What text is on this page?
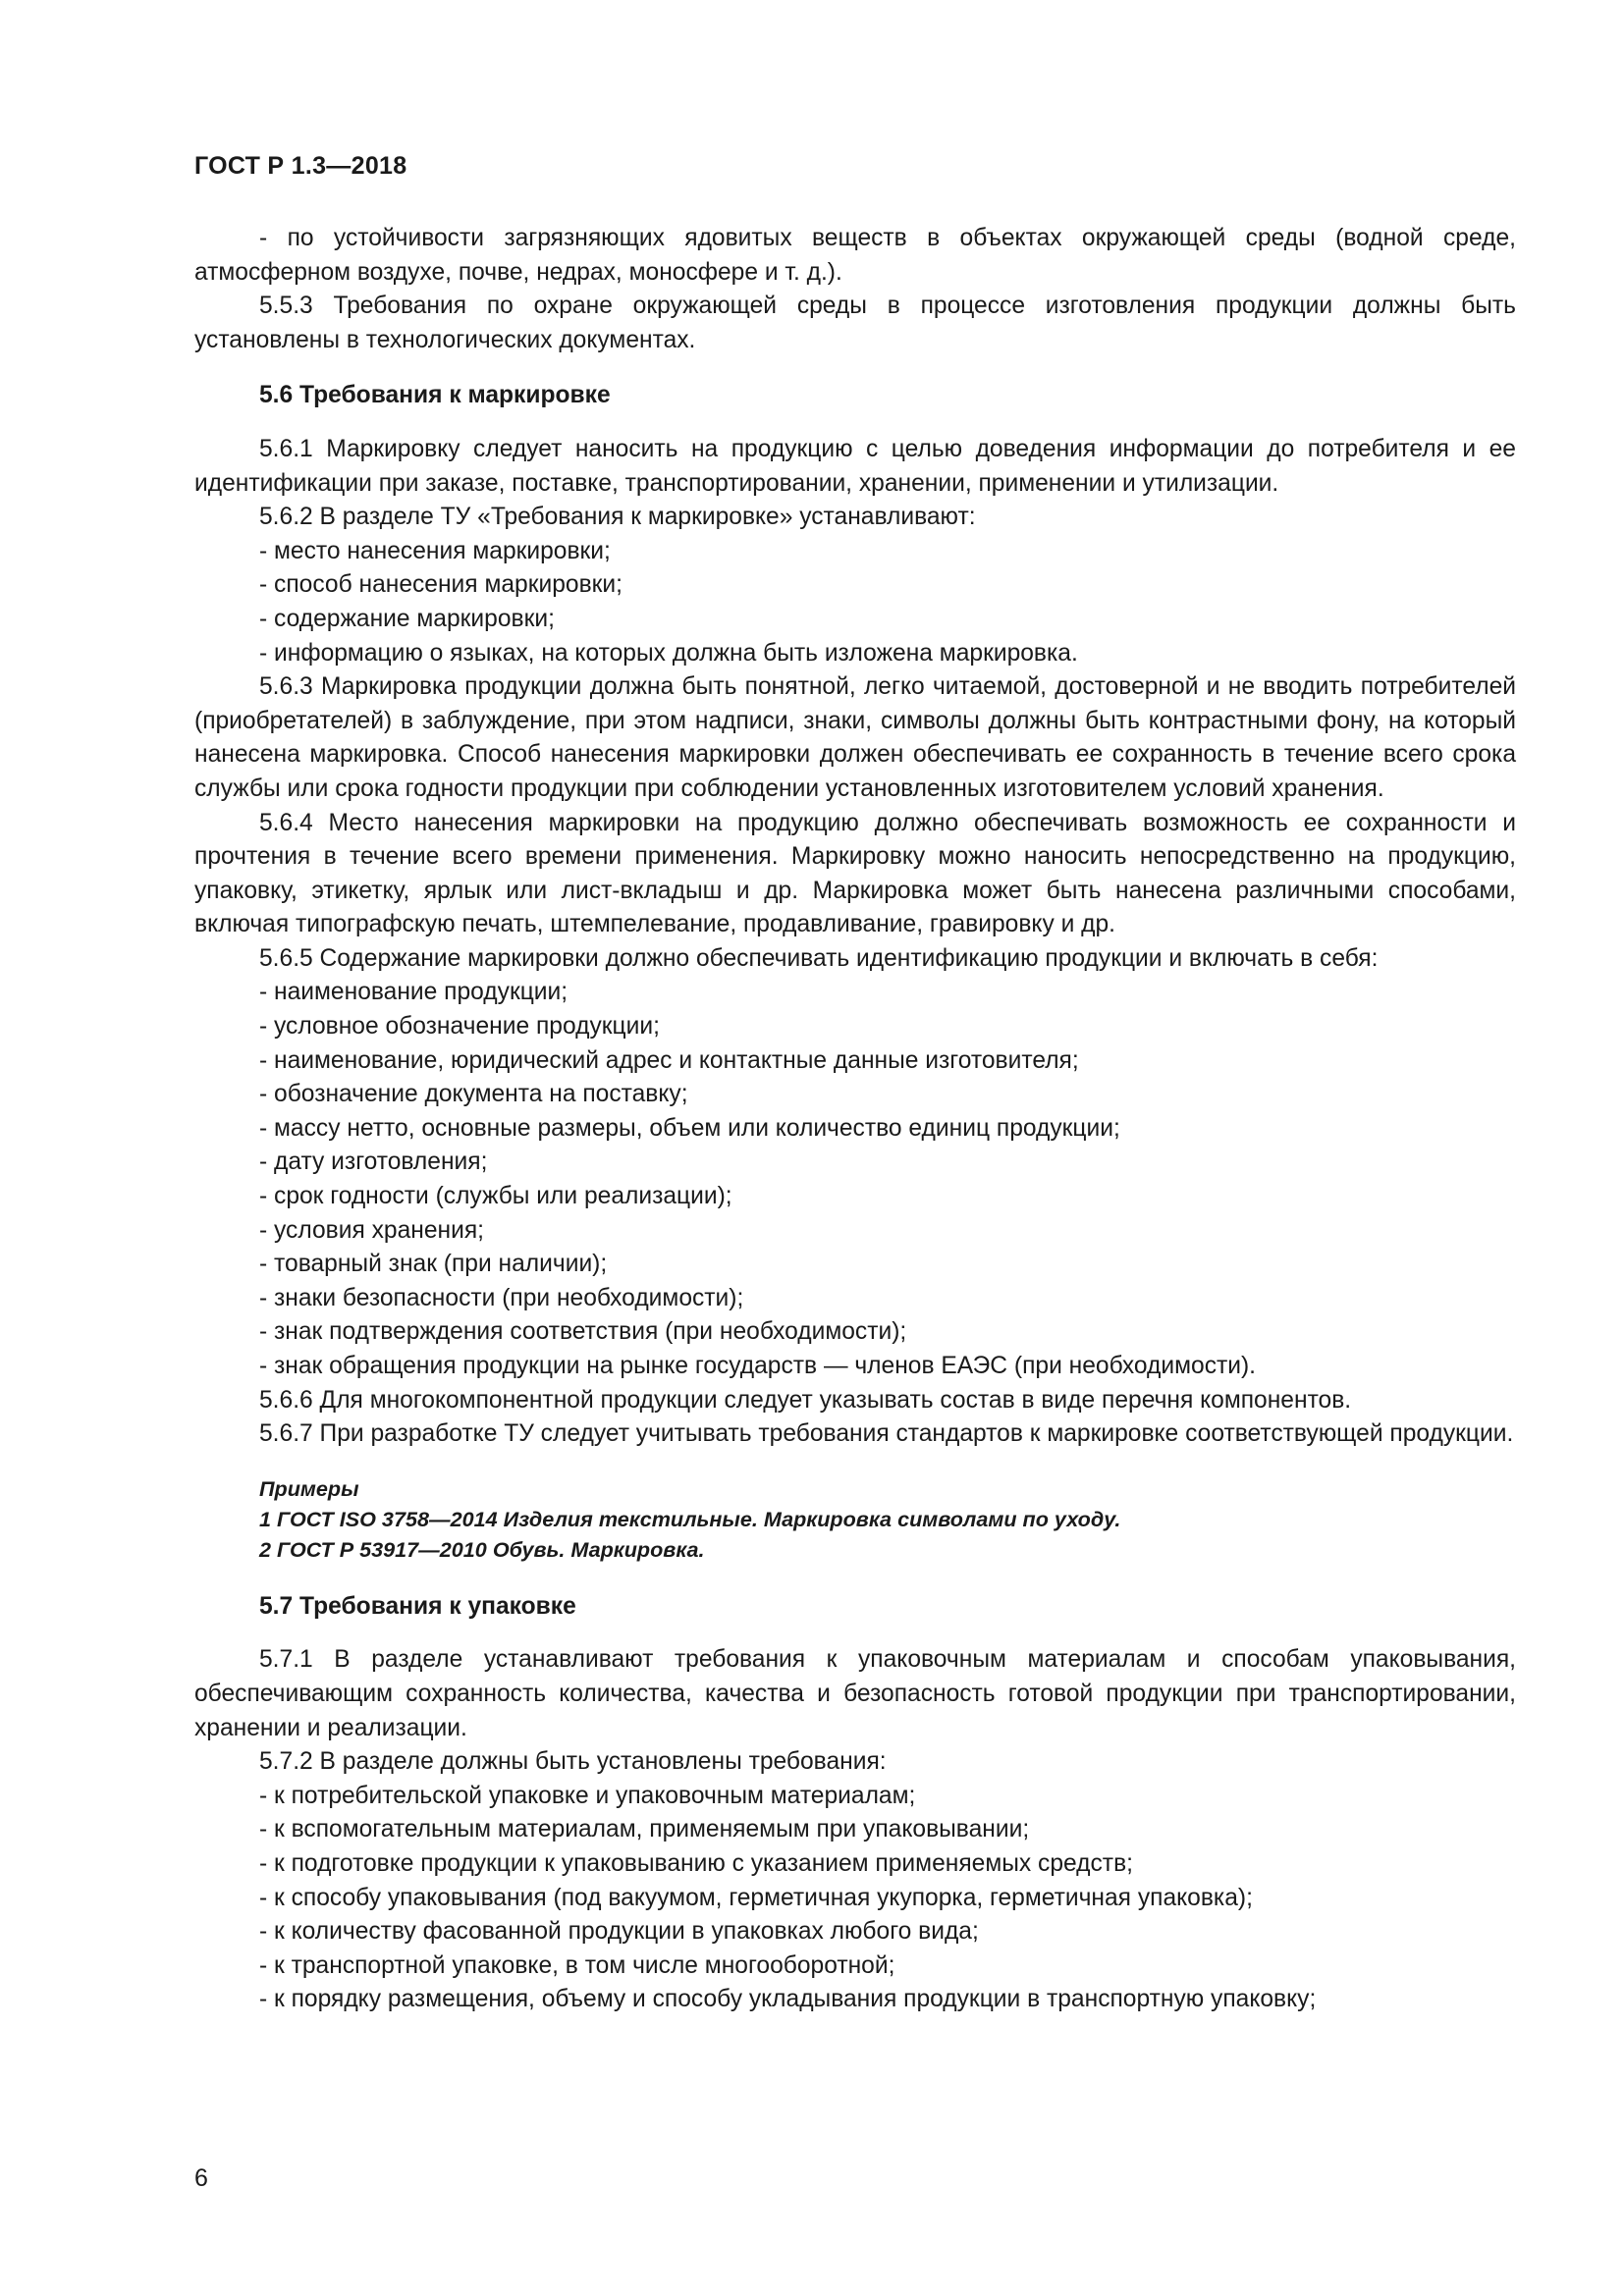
ГОСТ Р 1.3—2018

- по устойчивости загрязняющих ядовитых веществ в объектах окружающей среды (водной среде, атмосферном воздухе, почве, недрах, моносфере и т. д.).

5.5.3 Требования по охране окружающей среды в процессе изготовления продукции должны быть установлены в технологических документах.

5.6 Требования к маркировке

5.6.1 Маркировку следует наносить на продукцию с целью доведения информации до потребителя и ее идентификации при заказе, поставке, транспортировании, хранении, применении и утилизации.

5.6.2 В разделе ТУ «Требования к маркировке» устанавливают:

- место нанесения маркировки;

- способ нанесения маркировки;

- содержание маркировки;

- информацию о языках, на которых должна быть изложена маркировка.

5.6.3 Маркировка продукции должна быть понятной, легко читаемой, достоверной и не вводить потребителей (приобретателей) в заблуждение, при этом надписи, знаки, символы должны быть контрастными фону, на который нанесена маркировка. Способ нанесения маркировки должен обеспечивать ее сохранность в течение всего срока службы или срока годности продукции при соблюдении установленных изготовителем условий хранения.

5.6.4 Место нанесения маркировки на продукцию должно обеспечивать возможность ее сохранности и прочтения в течение всего времени применения. Маркировку можно наносить непосредственно на продукцию, упаковку, этикетку, ярлык или лист-вкладыш и др. Маркировка может быть нанесена различными способами, включая типографскую печать, штемпелевание, продавливание, гравировку и др.

5.6.5 Содержание маркировки должно обеспечивать идентификацию продукции и включать в себя:

- наименование продукции;

- условное обозначение продукции;

- наименование, юридический адрес и контактные данные изготовителя;

- обозначение документа на поставку;

- массу нетто, основные размеры, объем или количество единиц продукции;

- дату изготовления;

- срок годности (службы или реализации);

- условия хранения;

- товарный знак (при наличии);

- знаки безопасности (при необходимости);

- знак подтверждения соответствия (при необходимости);

- знак обращения продукции на рынке государств — членов ЕАЭС (при необходимости).

5.6.6 Для многокомпонентной продукции следует указывать состав в виде перечня компонентов.

5.6.7 При разработке ТУ следует учитывать требования стандартов к маркировке соответствующей продукции.

Примеры
1 ГОСТ ISO 3758—2014 Изделия текстильные. Маркировка символами по уходу.
2 ГОСТ Р 53917—2010 Обувь. Маркировка.

5.7 Требования к упаковке

5.7.1 В разделе устанавливают требования к упаковочным материалам и способам упаковывания, обеспечивающим сохранность количества, качества и безопасность готовой продукции при транспортировании, хранении и реализации.

5.7.2 В разделе должны быть установлены требования:

- к потребительской упаковке и упаковочным материалам;

- к вспомогательным материалам, применяемым при упаковывании;

- к подготовке продукции к упаковыванию с указанием применяемых средств;

- к способу упаковывания (под вакуумом, герметичная укупорка, герметичная упаковка);

- к количеству фасованной продукции в упаковках любого вида;

- к транспортной упаковке, в том числе многооборотной;

- к порядку размещения, объему и способу укладывания продукции в транспортную упаковку;

6
